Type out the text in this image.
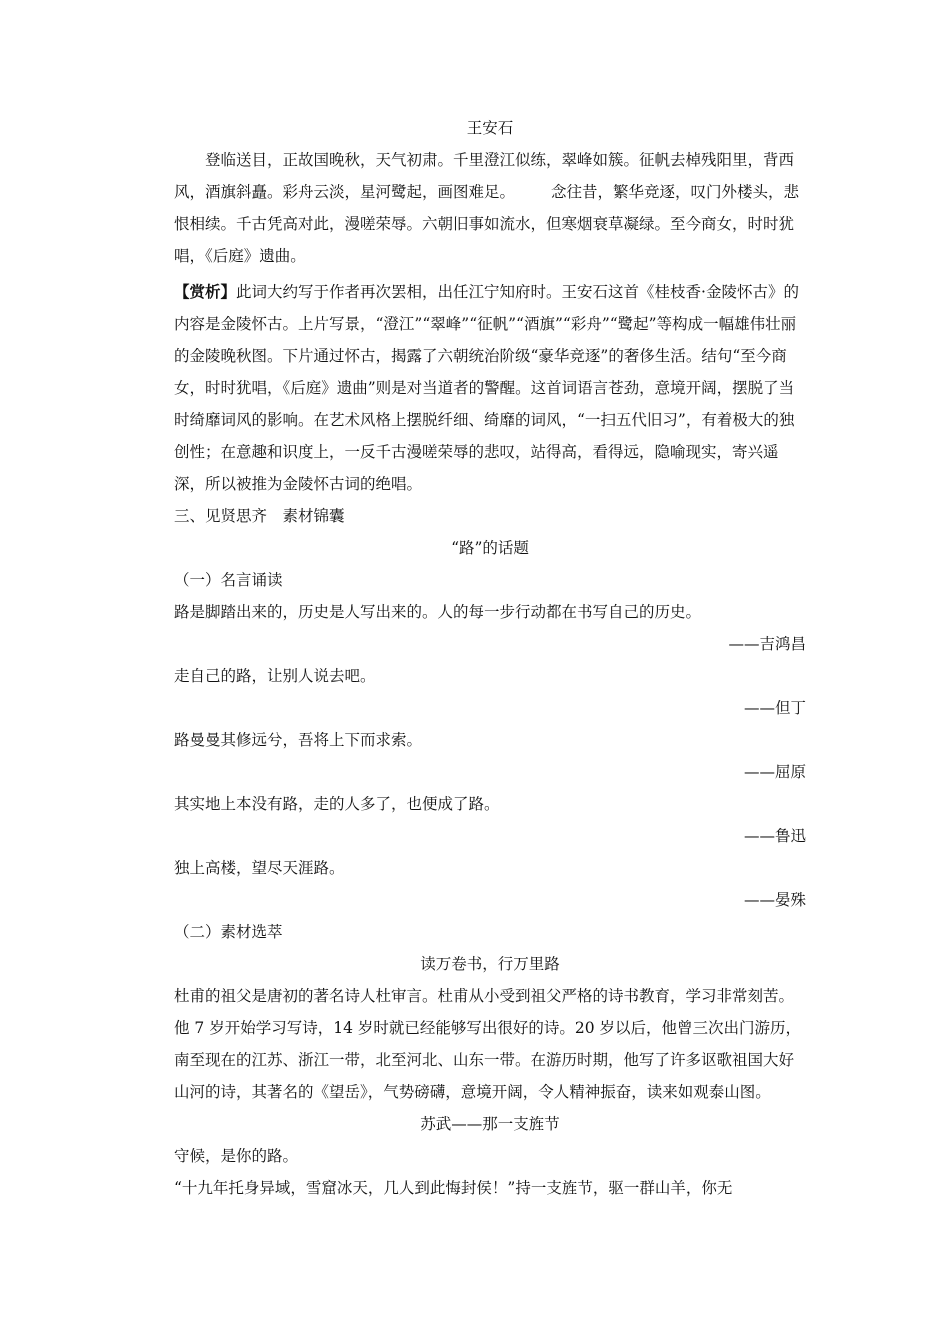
王安石

登临送目，正故国晚秋，天气初肃。千里澄江似练，翠峰如簇。征帆去棹残阳里，背西风，酒旗斜矗。彩舟云淡，星河鹭起，画图难足。 念往昔，繁华竞逐，叹门外楼头，悲恨相续。千古凭高对此，漫嗟荣辱。六朝旧事如流水，但寒烟衰草凝绿。至今商女，时时犹唱，《后庭》遗曲。

【赏析】此词大约写于作者再次罢相，出任江宁知府时。王安石这首《桂枝香·金陵怀古》的内容是金陵怀古。上片写景，“澄江”“翠峰”“征帆”“酒旗”“彩舟”“鹭起”等构成一幅雄伟壮丽的金陵晚秋图。下片通过怀古，揭露了六朝统治阶级“豪华竞逐”的奢侈生活。结句“至今商女，时时犹唱，《后庭》遗曲”则是对当道者的警醒。这首词语言苍劲，意境开阔，摆脱了当时绮靡词风的影响。在艺术风格上摆脱纤细、绮靡的词风，“一扫五代旧习”，有着极大的独创性；在意趣和识度上，一反千古漫嗟荣辱的悲叹，站得高，看得远，隐喻现实，寄兴遥深，所以被推为金陵怀古词的绝唱。

三、见贤思齐　素材锦囊

“路”的话题

（一）名言诵读

路是脚踏出来的，历史是人写出来的。人的每一步行动都在书写自己的历史。

——吉鸿昌

走自己的路，让别人说去吧。

——但丁

路曼曼其修远兮，吾将上下而求索。

——屈原

其实地上本没有路，走的人多了，也便成了路。

——鲁迅

独上高楼，望尽天涯路。

——晏殊

（二）素材选萃

读万卷书，行万里路

杜甫的祖父是唐初的著名诗人杜审言。杜甫从小受到祖父严格的诗书教育，学习非常刻苦。他 7 岁开始学习写诗，14 岁时就已经能够写出很好的诗。20 岁以后，他曾三次出门游历，南至现在的江苏、浙江一带，北至河北、山东一带。在游历时期，他写了许多讴歌祖国大好山河的诗，其著名的《望岳》，气势磅礴，意境开阔，令人精神振奋，读来如观泰山图。

苏武——那一支旌节

守候，是你的路。

“十九年托身异域，雪窟冰天，几人到此悔封侯！”持一支旌节，驱一群山羊，你无
